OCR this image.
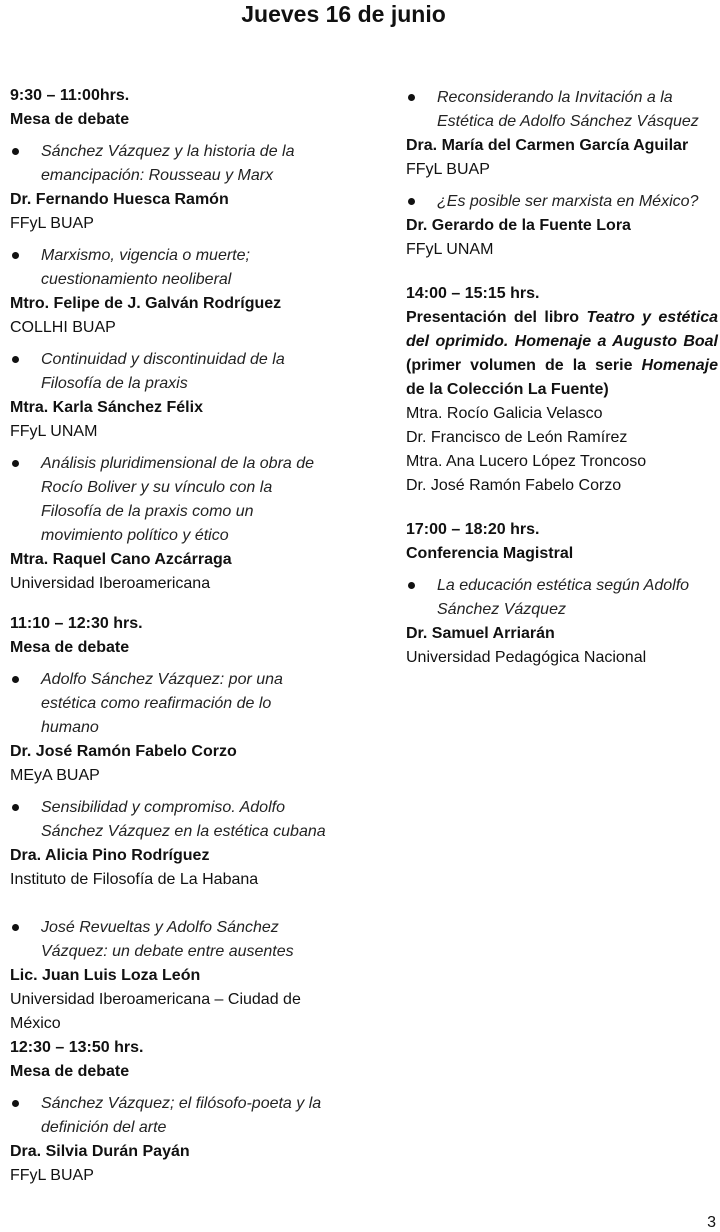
Jueves 16 de junio
9:30 – 11:00hrs.
Mesa de debate
Sánchez Vázquez y la historia de la emancipación: Rousseau y Marx
Dr. Fernando Huesca Ramón
FFyL BUAP
Marxismo, vigencia o muerte; cuestionamiento neoliberal
Mtro. Felipe de J. Galván Rodríguez
COLLHI BUAP
Continuidad y discontinuidad de la Filosofía de la praxis
Mtra. Karla Sánchez Félix
FFyL UNAM
Análisis pluridimensional de la obra de Rocío Boliver y su vínculo con la Filosofía de la praxis como un movimiento político y ético
Mtra. Raquel Cano Azcárraga
Universidad Iberoamericana
11:10 – 12:30 hrs.
Mesa de debate
Adolfo Sánchez Vázquez: por una estética como reafirmación de lo humano
Dr. José Ramón Fabelo Corzo
MEyA BUAP
Sensibilidad y compromiso. Adolfo Sánchez Vázquez en la estética cubana
Dra. Alicia Pino Rodríguez
Instituto de Filosofía de La Habana
José Revueltas y Adolfo Sánchez Vázquez: un debate entre ausentes
Lic. Juan Luis Loza León
Universidad Iberoamericana – Ciudad de México
12:30 – 13:50 hrs.
Mesa de debate
Sánchez Vázquez; el filósofo-poeta y la definición del arte
Dra. Silvia Durán Payán
FFyL BUAP
Reconsiderando la Invitación a la Estética de Adolfo Sánchez Vásquez
Dra. María del Carmen García Aguilar
FFyL BUAP
¿Es posible ser marxista en México?
Dr. Gerardo de la Fuente Lora
FFyL UNAM
14:00 – 15:15 hrs.
Presentación del libro Teatro y estética del oprimido. Homenaje a Augusto Boal (primer volumen de la serie Homenaje de la Colección La Fuente)
Mtra. Rocío Galicia Velasco
Dr. Francisco de León Ramírez
Mtra. Ana Lucero López Troncoso
Dr. José Ramón Fabelo Corzo
17:00 – 18:20 hrs.
Conferencia Magistral
La educación estética según Adolfo Sánchez Vázquez
Dr. Samuel Arriarán
Universidad Pedagógica Nacional
3
